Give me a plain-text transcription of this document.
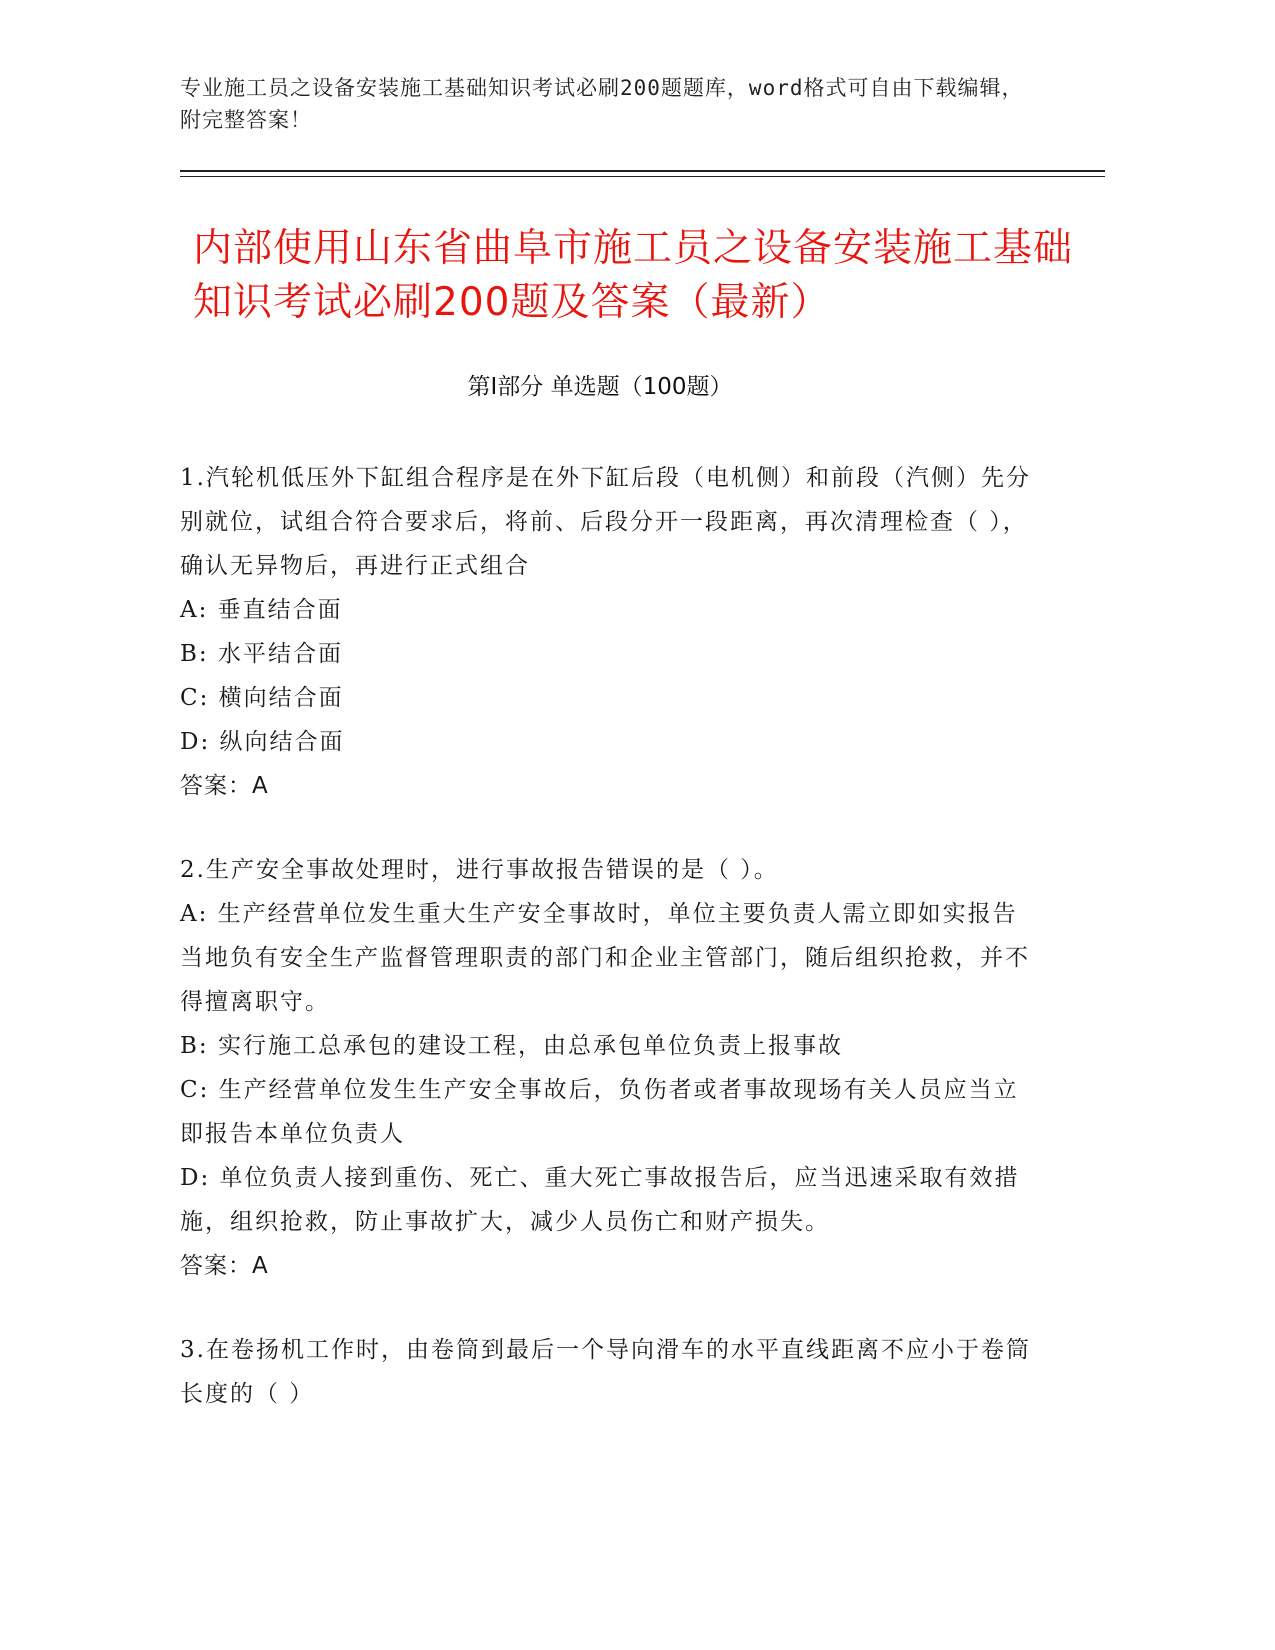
专业施工员之设备安装施工基础知识考试必刷200题题库，word格式可自由下载编辑，附完整答案！
内部使用山东省曲阜市施工员之设备安装施工基础知识考试必刷200题及答案（最新）
第Ⅰ部分 单选题（100题）

1.汽轮机低压外下缸组合程序是在外下缸后段（电机侧）和前段（汽侧）先分别就位，试组合符合要求后，将前、后段分开一段距离，再次清理检查（ ），确认无异物后，再进行正式组合

A: 垂直结合面

B: 水平结合面

C: 横向结合面

D: 纵向结合面

答案：A

2.生产安全事故处理时，进行事故报告错误的是（ ）。

A: 生产经营单位发生重大生产安全事故时，单位主要负责人需立即如实报告当地负有安全生产监督管理职责的部门和企业主管部门，随后组织抢救，并不得擅离职守。

B: 实行施工总承包的建设工程，由总承包单位负责上报事故

C: 生产经营单位发生生产安全事故后，负伤者或者事故现场有关人员应当立即报告本单位负责人

D: 单位负责人接到重伤、死亡、重大死亡事故报告后，应当迅速采取有效措施，组织抢救，防止事故扩大，减少人员伤亡和财产损失。

答案：A

3.在卷扬机工作时，由卷筒到最后一个导向滑车的水平直线距离不应小于卷筒长度的（ ）
